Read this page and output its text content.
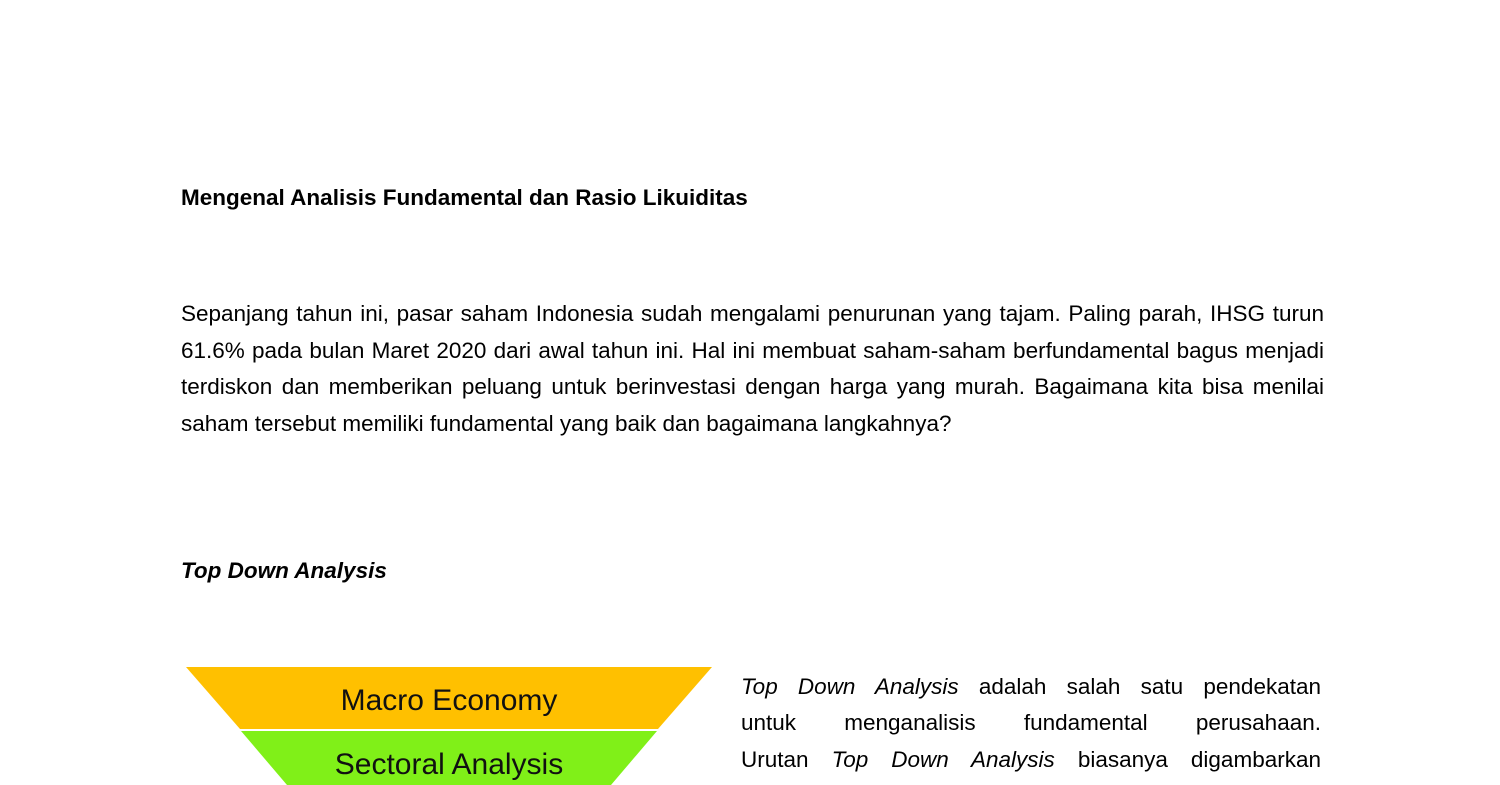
Mengenal Analisis Fundamental dan Rasio Likuiditas

Sepanjang tahun ini, pasar saham Indonesia sudah mengalami penurunan yang tajam. Paling parah, IHSG turun 61.6% pada bulan Maret 2020 dari awal tahun ini. Hal ini membuat saham-saham berfundamental bagus menjadi terdiskon dan memberikan peluang untuk berinvestasi dengan harga yang murah. Bagaimana kita bisa menilai saham tersebut memiliki fundamental yang baik dan bagaimana langkahnya?

Top Down Analysis
Macro Economy
Sectoral Analysis
Top Down Analysis adalah salah satu pendekatan
untuk menganalisis fundamental perusahaan.
Urutan Top Down Analysis biasanya digambarkan
